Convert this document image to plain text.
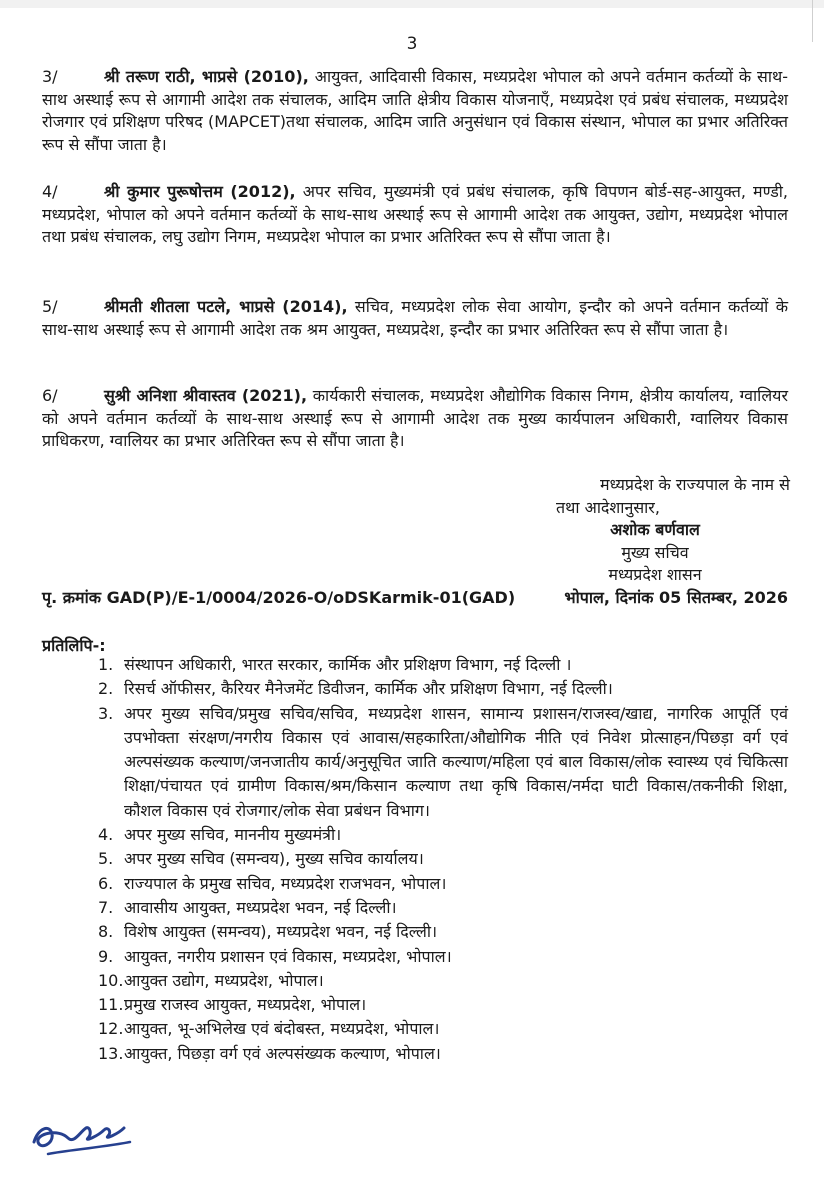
3
3/	श्री तरूण राठी, भाप्रसे (2010), आयुक्त, आदिवासी विकास, मध्यप्रदेश भोपाल को अपने वर्तमान कर्तव्यों के साथ-साथ अस्थाई रूप से आगामी आदेश तक संचालक, आदिम जाति क्षेत्रीय विकास योजनाएँ, मध्यप्रदेश एवं प्रबंध संचालक, मध्यप्रदेश रोजगार एवं प्रशिक्षण परिषद (MAPCET)तथा संचालक, आदिम जाति अनुसंधान एवं विकास संस्थान, भोपाल का प्रभार अतिरिक्त रूप से सौंपा जाता है।
4/	श्री कुमार पुरूषोत्तम (2012), अपर सचिव, मुख्यमंत्री एवं प्रबंध संचालक, कृषि विपणन बोर्ड-सह-आयुक्त, मण्डी, मध्यप्रदेश, भोपाल को अपने वर्तमान कर्तव्यों के साथ-साथ अस्थाई रूप से आगामी आदेश तक आयुक्त, उद्योग, मध्यप्रदेश भोपाल तथा प्रबंध संचालक, लघु उद्योग निगम, मध्यप्रदेश भोपाल का प्रभार अतिरिक्त रूप से सौंपा जाता है।
5/	श्रीमती शीतला पटले, भाप्रसे (2014), सचिव, मध्यप्रदेश लोक सेवा आयोग, इन्दौर को अपने वर्तमान कर्तव्यों के साथ-साथ अस्थाई रूप से आगामी आदेश तक श्रम आयुक्त, मध्यप्रदेश, इन्दौर का प्रभार अतिरिक्त रूप से सौंपा जाता है।
6/	सुश्री अनिशा श्रीवास्तव (2021), कार्यकारी संचालक, मध्यप्रदेश औद्योगिक विकास निगम, क्षेत्रीय कार्यालय, ग्वालियर को अपने वर्तमान कर्तव्यों के साथ-साथ अस्थाई रूप से आगामी आदेश तक मुख्य कार्यपालन अधिकारी, ग्वालियर विकास प्राधिकरण, ग्वालियर का प्रभार अतिरिक्त रूप से सौंपा जाता है।
मध्यप्रदेश के राज्यपाल के नाम से
तथा आदेशानुसार,
अशोक बर्णवाल
मुख्य सचिव
मध्यप्रदेश शासन
पृ. क्रमांक GAD(P)/E-1/0004/2026-O/oDSKarmik-01(GAD)	भोपाल, दिनांक 05 सितम्बर, 2026
प्रतिलिपि-:
1. संस्थापन अधिकारी, भारत सरकार, कार्मिक और प्रशिक्षण विभाग, नई दिल्ली ।
2. रिसर्च ऑफीसर, कैरियर मैनेजमेंट डिवीजन, कार्मिक और प्रशिक्षण विभाग, नई दिल्ली।
3. अपर मुख्य सचिव/प्रमुख सचिव/सचिव, मध्यप्रदेश शासन, सामान्य प्रशासन/राजस्व/खाद्य, नागरिक आपूर्ति एवं उपभोक्ता संरक्षण/नगरीय विकास एवं आवास/सहकारिता/औद्योगिक नीति एवं निवेश प्रोत्साहन/पिछड़ा वर्ग एवं अल्पसंख्यक कल्याण/जनजातीय कार्य/अनुसूचित जाति कल्याण/महिला एवं बाल विकास/लोक स्वास्थ्य एवं चिकित्सा शिक्षा/पंचायत एवं ग्रामीण विकास/श्रम/किसान कल्याण तथा कृषि विकास/नर्मदा घाटी विकास/तकनीकी शिक्षा, कौशल विकास एवं रोजगार/लोक सेवा प्रबंधन विभाग।
4. अपर मुख्य सचिव, माननीय मुख्यमंत्री।
5. अपर मुख्य सचिव (समन्वय), मुख्य सचिव कार्यालय।
6. राज्यपाल के प्रमुख सचिव, मध्यप्रदेश राजभवन, भोपाल।
7. आवासीय आयुक्त, मध्यप्रदेश भवन, नई दिल्ली।
8. विशेष आयुक्त (समन्वय), मध्यप्रदेश भवन, नई दिल्ली।
9. आयुक्त, नगरीय प्रशासन एवं विकास, मध्यप्रदेश, भोपाल।
10. आयुक्त उद्योग, मध्यप्रदेश, भोपाल।
11. प्रमुख राजस्व आयुक्त, मध्यप्रदेश, भोपाल।
12. आयुक्त, भू-अभिलेख एवं बंदोबस्त, मध्यप्रदेश, भोपाल।
13. आयुक्त, पिछड़ा वर्ग एवं अल्पसंख्यक कल्याण, भोपाल।
